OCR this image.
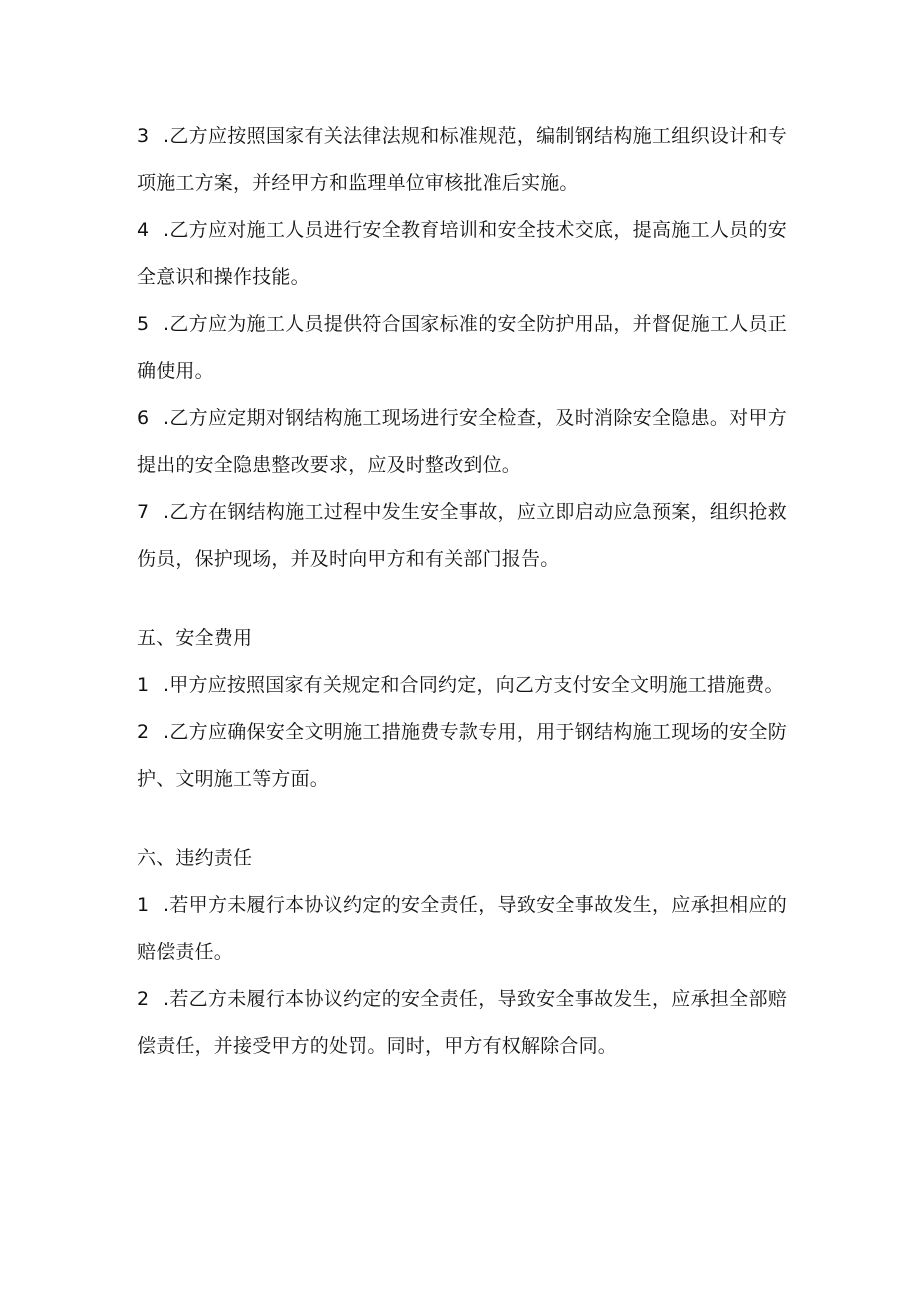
3 .乙方应按照国家有关法律法规和标准规范，编制钢结构施工组织设计和专项施工方案，并经甲方和监理单位审核批准后实施。

4 .乙方应对施工人员进行安全教育培训和安全技术交底，提高施工人员的安全意识和操作技能。

5 .乙方应为施工人员提供符合国家标准的安全防护用品，并督促施工人员正确使用。

6 .乙方应定期对钢结构施工现场进行安全检查，及时消除安全隐患。对甲方提出的安全隐患整改要求，应及时整改到位。

7 .乙方在钢结构施工过程中发生安全事故，应立即启动应急预案，组织抢救伤员，保护现场，并及时向甲方和有关部门报告。

五、安全费用

1 .甲方应按照国家有关规定和合同约定，向乙方支付安全文明施工措施费。

2 .乙方应确保安全文明施工措施费专款专用，用于钢结构施工现场的安全防护、文明施工等方面。

六、违约责任

1 .若甲方未履行本协议约定的安全责任，导致安全事故发生，应承担相应的赔偿责任。

2 .若乙方未履行本协议约定的安全责任，导致安全事故发生，应承担全部赔偿责任，并接受甲方的处罚。同时，甲方有权解除合同。
